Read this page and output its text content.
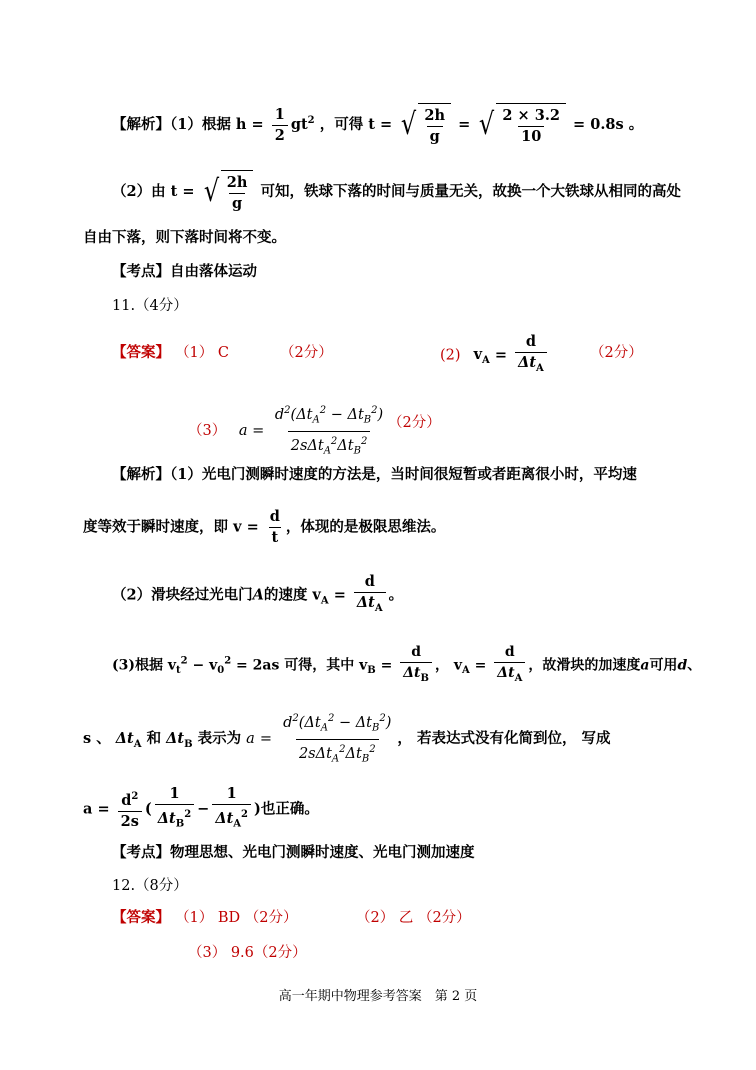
【解析】（1）根据 $h = \frac{1}{2} gt^2$ ，可得 t = √ $\frac{2h}{g}$ = √ $\frac{2 \times 3.2}{10} = 0.8s$ 。
（2）由 t = √ $\frac{2h}{g}$ 可知，铁球下落的时间与质量无关，故换一个大铁球从相同的高处
自由下落，则下落时间将不变。
【考点】自由落体运动
11.（4分）
【答案】 （1） C	（2分）	(2) $v_A = \frac{d}{\Delta t_A}$	（2分）
（3） $a = \frac{d^2(\Delta t_A^2 - \Delta t_B^2)}{2s\Delta t_A^2\Delta t_B^2} (2$分）
【解析】（1）光电门测瞬时速度的方法是，当时间很短暂或者距离很小时，平均速
度等效于瞬时速度，即 $v = \frac{d}{t}$ ，体现的是极限思维法。
（2）滑块经过光电门A的速度 $v_A = \frac{d}{\Delta t_A}$ 。
(3)根据 $v_t^2 - v_0^2 = 2as$ 可得，其中 $v_B = \frac{d}{\Delta t_B}$ ， $v_A = \frac{d}{\Delta t_A}$ ，故滑块的加速度a可用d、
s 、 $\Delta t_A$ 和 $\Delta t_B$ 表示为 $a = \frac{d^2(\Delta t_A^2 - \Delta t_B^2)}{2s\Delta t_A^2\Delta t_B^2}$ ， 若表达式没有化简到位， 写成
$a = \frac{d^2}{2s}$ ( $\frac{1}{\Delta t_B^2} - \frac{1}{\Delta t_A^2}$ )也正确。
【考点】物理思想、光电门测瞬时速度、光电门测加速度
12.（8分）
【答案】 （1） BD （2分）	（2） 乙 （2分）
（3） 9.6（2分）
高一年期中物理参考答案　第 2 页
